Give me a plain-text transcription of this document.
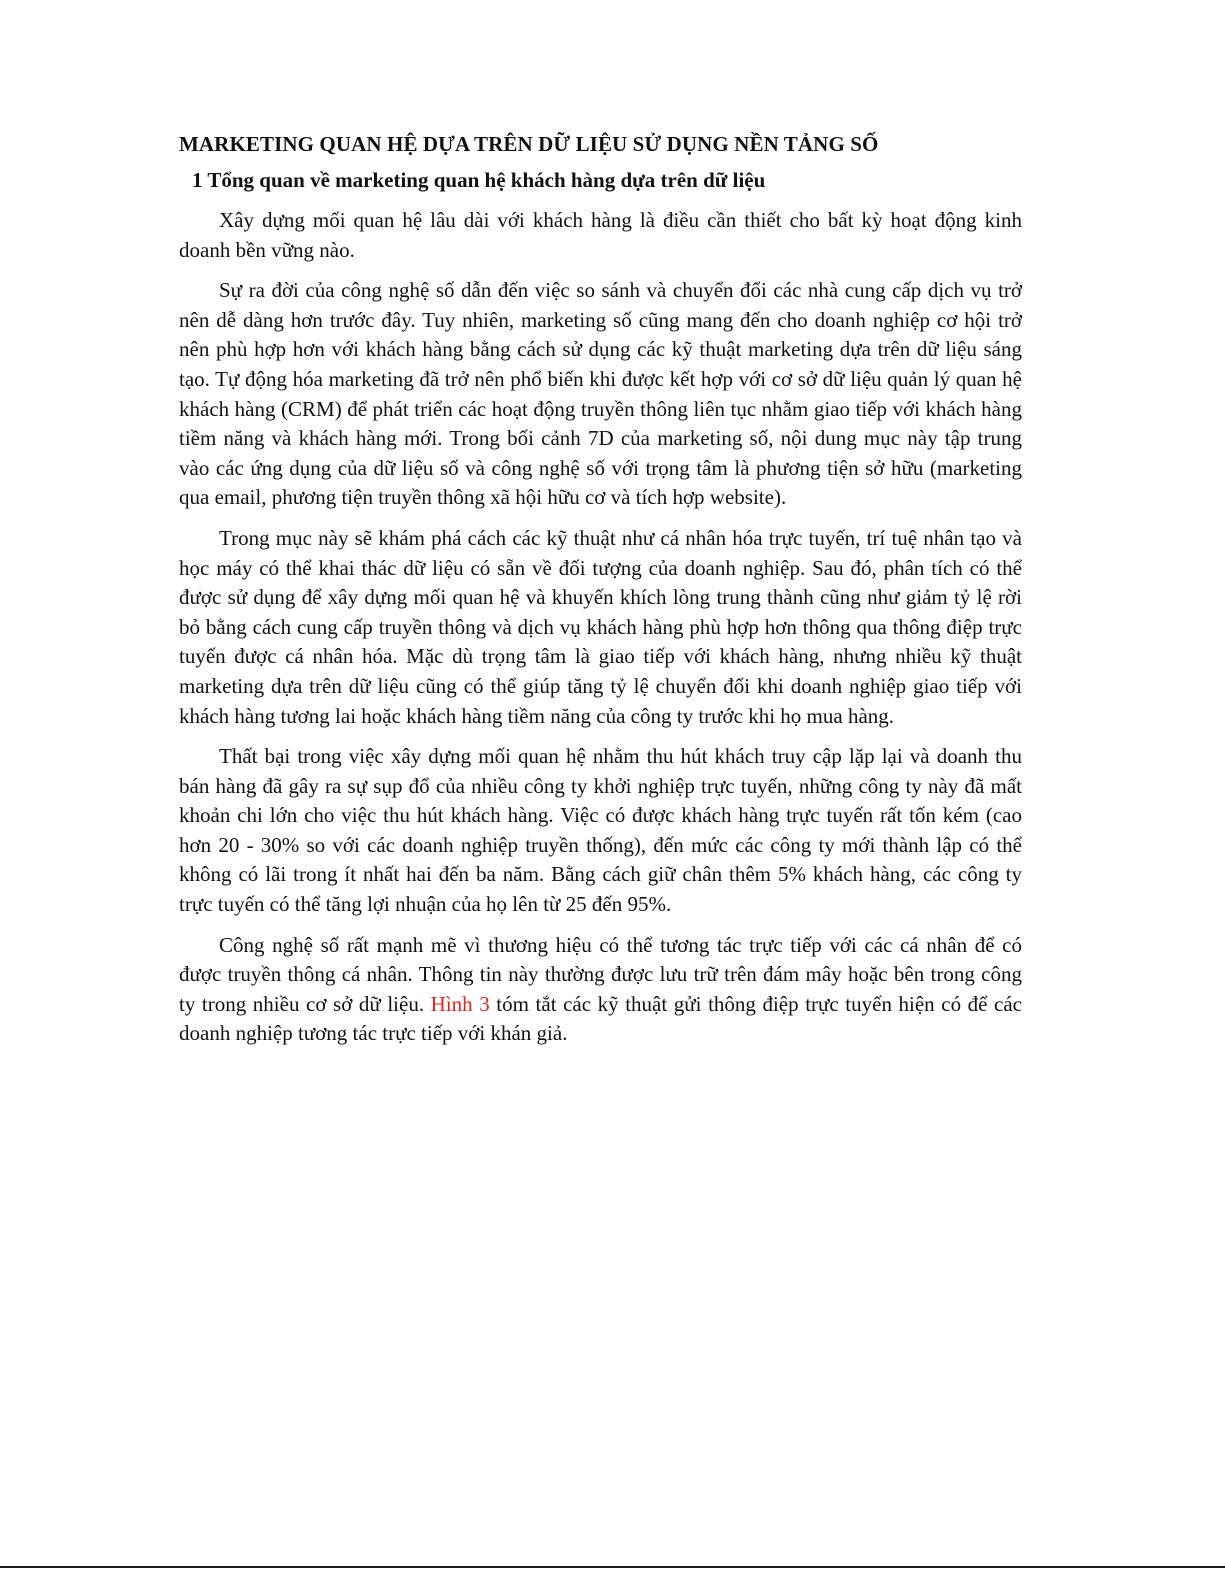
MARKETING QUAN HỆ DỰA TRÊN DỮ LIỆU SỬ DỤNG NỀN TẢNG SỐ
1 Tổng quan về marketing quan hệ khách hàng dựa trên dữ liệu

Xây dựng mối quan hệ lâu dài với khách hàng là điều cần thiết cho bất kỳ hoạt động kinh doanh bền vững nào.

Sự ra đời của công nghệ số dẫn đến việc so sánh và chuyển đổi các nhà cung cấp dịch vụ trở nên dễ dàng hơn trước đây. Tuy nhiên, marketing số cũng mang đến cho doanh nghiệp cơ hội trở nên phù hợp hơn với khách hàng bằng cách sử dụng các kỹ thuật marketing dựa trên dữ liệu sáng tạo. Tự động hóa marketing đã trở nên phổ biến khi được kết hợp với cơ sở dữ liệu quản lý quan hệ khách hàng (CRM) để phát triển các hoạt động truyền thông liên tục nhằm giao tiếp với khách hàng tiềm năng và khách hàng mới. Trong bối cảnh 7D của marketing số, nội dung mục này tập trung vào các ứng dụng của dữ liệu số và công nghệ số với trọng tâm là phương tiện sở hữu (marketing qua email, phương tiện truyền thông xã hội hữu cơ và tích hợp website).

Trong mục này sẽ khám phá cách các kỹ thuật như cá nhân hóa trực tuyến, trí tuệ nhân tạo và học máy có thể khai thác dữ liệu có sẵn về đối tượng của doanh nghiệp. Sau đó, phân tích có thể được sử dụng để xây dựng mối quan hệ và khuyến khích lòng trung thành cũng như giảm tỷ lệ rời bỏ bằng cách cung cấp truyền thông và dịch vụ khách hàng phù hợp hơn thông qua thông điệp trực tuyến được cá nhân hóa. Mặc dù trọng tâm là giao tiếp với khách hàng, nhưng nhiều kỹ thuật marketing dựa trên dữ liệu cũng có thể giúp tăng tỷ lệ chuyển đổi khi doanh nghiệp giao tiếp với khách hàng tương lai hoặc khách hàng tiềm năng của công ty trước khi họ mua hàng.

Thất bại trong việc xây dựng mối quan hệ nhằm thu hút khách truy cập lặp lại và doanh thu bán hàng đã gây ra sự sụp đổ của nhiều công ty khởi nghiệp trực tuyến, những công ty này đã mất khoản chi lớn cho việc thu hút khách hàng. Việc có được khách hàng trực tuyến rất tốn kém (cao hơn 20 - 30% so với các doanh nghiệp truyền thống), đến mức các công ty mới thành lập có thể không có lãi trong ít nhất hai đến ba năm. Bằng cách giữ chân thêm 5% khách hàng, các công ty trực tuyến có thể tăng lợi nhuận của họ lên từ 25 đến 95%.

Công nghệ số rất mạnh mẽ vì thương hiệu có thể tương tác trực tiếp với các cá nhân để có được truyền thông cá nhân. Thông tin này thường được lưu trữ trên đám mây hoặc bên trong công ty trong nhiều cơ sở dữ liệu. Hình 3 tóm tắt các kỹ thuật gửi thông điệp trực tuyến hiện có để các doanh nghiệp tương tác trực tiếp với khán giả.
